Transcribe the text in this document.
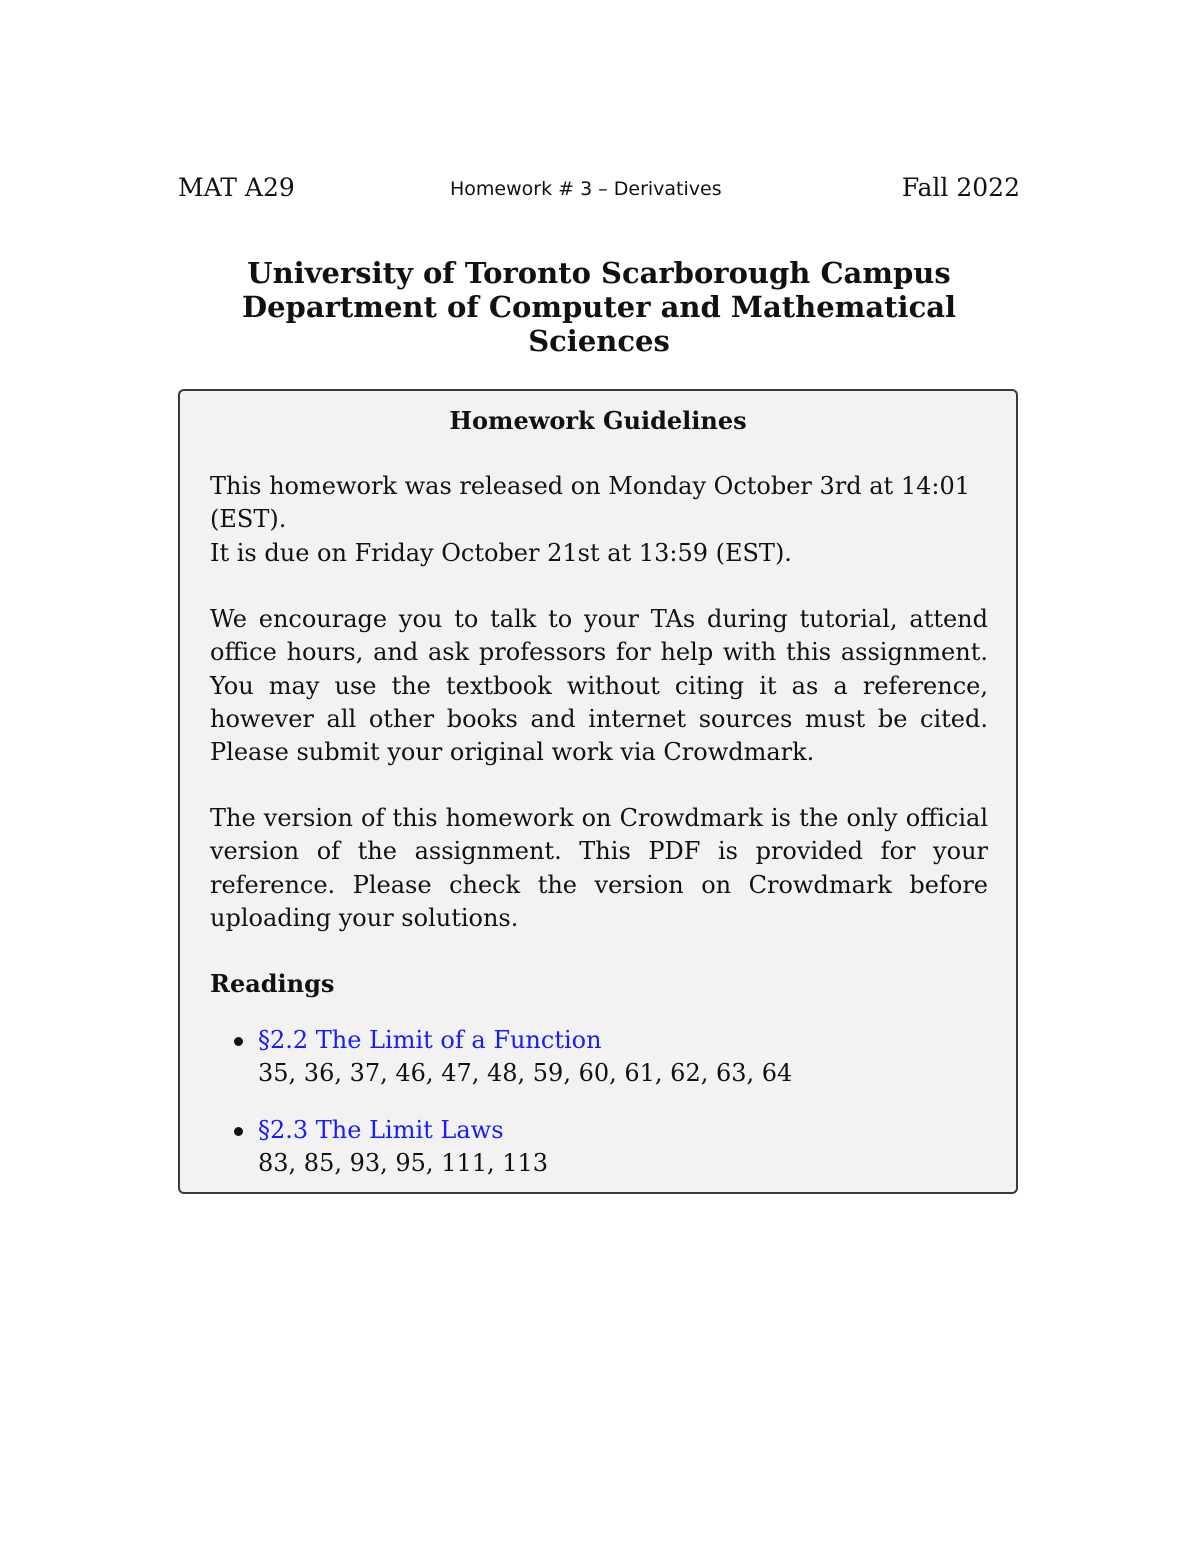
MAT A29	Homework # 3 – Derivatives	Fall 2022
University of Toronto Scarborough Campus
Department of Computer and Mathematical
Sciences
Homework Guidelines
This homework was released on Monday October 3rd at 14:01
(EST).
It is due on Friday October 21st at 13:59 (EST).
We encourage you to talk to your TAs during tutorial, attend office hours, and ask professors for help with this assignment. You may use the textbook without citing it as a reference, however all other books and internet sources must be cited. Please submit your original work via Crowdmark.
The version of this homework on Crowdmark is the only official version of the assignment. This PDF is provided for your reference. Please check the version on Crowdmark before uploading your solutions.
Readings
§2.2 The Limit of a Function
35, 36, 37, 46, 47, 48, 59, 60, 61, 62, 63, 64
§2.3 The Limit Laws
83, 85, 93, 95, 111, 113
